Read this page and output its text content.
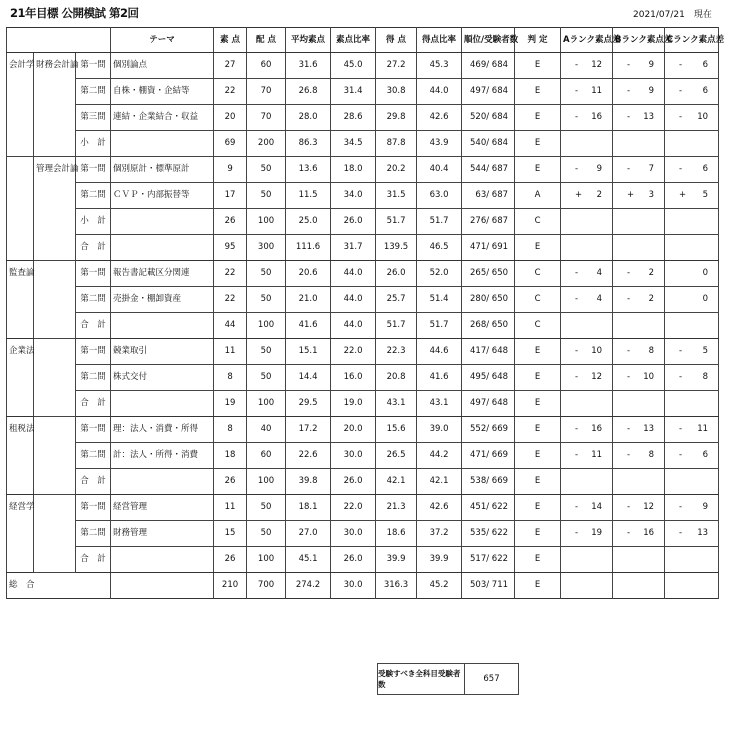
21年目標 公開模試 第2回	2021/07/21　現在
			テーマ	素 点	配 点	平均素点	素点比率	得 点	得点比率	順位/受験者数	判 定	Aランク素点差	Bランク素点差	Cランク素点差
会計学	財務会計論	第一問	個別論点	27	60	31.6	45.0	27.2	45.3	469/ 684	E	- 12	- 9	- 6

		第二問	自株・棚資・企結等	22	70	26.8	31.4	30.8	44.0	497/ 684	E	- 11	- 9	- 6

		第三問	連結・企業結合・収益	20	70	28.0	28.6	29.8	42.6	520/ 684	E	- 16	- 13	- 10

		小　計		69	200	86.3	34.5	87.8	43.9	540/ 684	E	

	管理会計論	第一問	個別原計・標準原計	9	50	13.6	18.0	20.2	40.4	544/ 687	E	- 9	- 7	- 6

		第二問	ＣＶＰ・内部振替等	17	50	11.5	34.0	31.5	63.0	63/ 687	A	+ 2	+ 3	+ 5

		小　計		26	100	25.0	26.0	51.7	51.7	276/ 687	C	

		合　計		95	300	111.6	31.7	139.5	46.5	471/ 691	E	

監査論		第一問	報告書記載区分関連	22	50	20.6	44.0	26.0	52.0	265/ 650	C	- 4	- 2	0

		第二問	売掛金・棚卸資産	22	50	21.0	44.0	25.7	51.4	280/ 650	C	- 4	- 2	0

		合　計		44	100	41.6	44.0	51.7	51.7	268/ 650	C	

企業法		第一問	競業取引	11	50	15.1	22.0	22.3	44.6	417/ 648	E	- 10	- 8	- 5

		第二問	株式交付	8	50	14.4	16.0	20.8	41.6	495/ 648	E	- 12	- 10	- 8

		合　計		19	100	29.5	19.0	43.1	43.1	497/ 648	E	

租税法		第一問	理：法人・消費・所得	8	40	17.2	20.0	15.6	39.0	552/ 669	E	- 16	- 13	- 11

		第二問	計：法人・所得・消費	18	60	22.6	30.0	26.5	44.2	471/ 669	E	- 11	- 8	- 6

		合　計		26	100	39.8	26.0	42.1	42.1	538/ 669	E	

経営学		第一問	経営管理	11	50	18.1	22.0	21.3	42.6	451/ 622	E	- 14	- 12	- 9

		第二問	財務管理	15	50	27.0	30.0	18.6	37.2	535/ 622	E	- 19	- 16	- 13

		合　計		26	100	45.1	26.0	39.9	39.9	517/ 622	E	

総　合				210	700	274.2	30.0	316.3	45.2	503/ 711	E			
受験すべき全科目受験者数
657
